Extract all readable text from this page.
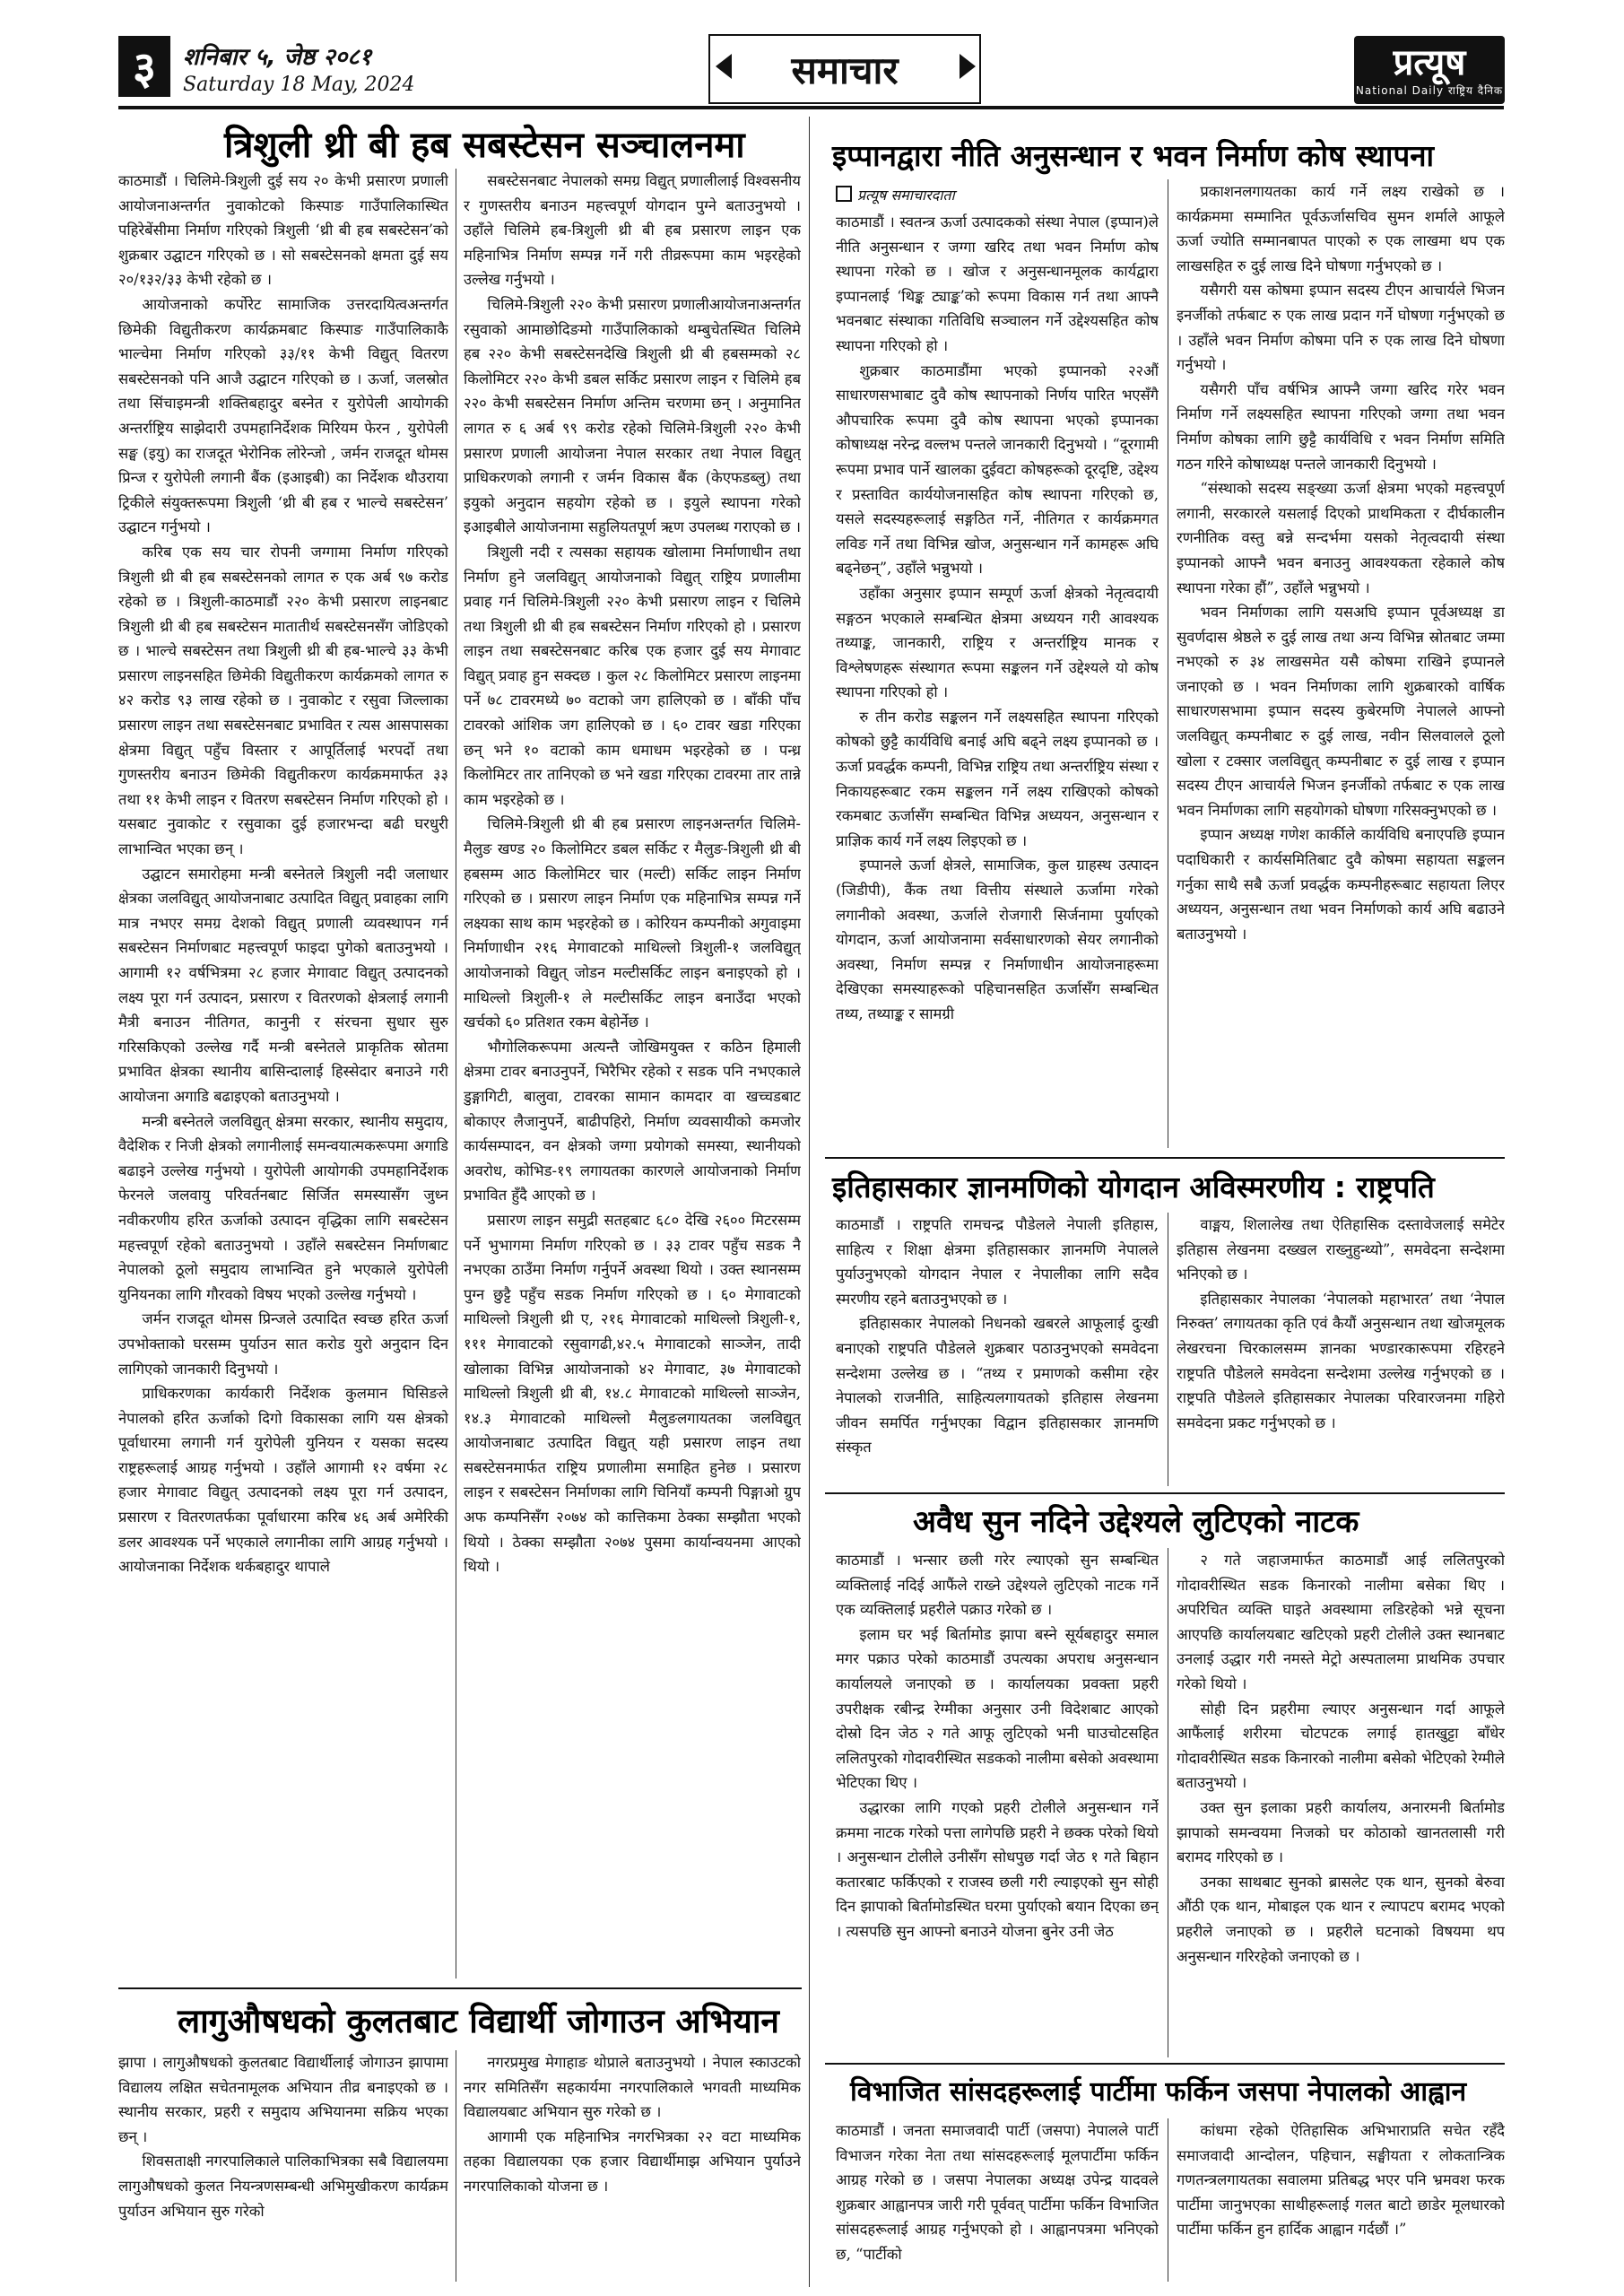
३	शनिबार ५, जेष्ठ २०८१
Saturday 18 May, 2024	समाचार	प्रत्यूष
National Daily राष्ट्रिय दैनिक
त्रिशुली थ्री बी हब सबस्टेसन सञ्चालनमा

काठमाडौं । चिलिमे-त्रिशुली दुई सय २० केभी प्रसारण प्रणाली आयोजनाअन्तर्गत नुवाकोटको किस्पाङ गाउँपालिकास्थित पहिरेबेंसीमा निर्माण गरिएको त्रिशुली ‘थ्री बी हब सबस्टेसन’को शुक्रबार उद्घाटन गरिएको छ । सो सबस्टेसनको क्षमता दुई सय २०/१३२/३३ केभी रहेको छ ।

आयोजनाको कर्पोरेट सामाजिक उत्तरदायित्वअन्तर्गत छिमेकी विद्युतीकरण कार्यक्रमबाट किस्पाङ गाउँपालिकाकै भाल्चेमा निर्माण गरिएको ३३/११ केभी विद्युत् वितरण सबस्टेसनको पनि आजै उद्घाटन गरिएको छ । ऊर्जा, जलस्रोत तथा सिंचाइमन्त्री शक्तिबहादुर बस्नेत र युरोपेली आयोगकी अन्तर्राष्ट्रिय साझेदारी उपमहानिर्देशक मिरियम फेरन , युरोपेली सङ्घ (इयु) का राजदूत भेरोनिक लोरेन्जो , जर्मन राजदूत थोमस प्रिन्ज र युरोपेली लगानी बैंक (इआइबी) का निर्देशक थौउराया ट्रिकीले संयुक्तरूपमा त्रिशुली ‘थ्री बी हब र भाल्चे सबस्टेसन’ उद्घाटन गर्नुभयो ।

करिब एक सय चार रोपनी जग्गामा निर्माण गरिएको त्रिशुली थ्री बी हब सबस्टेसनको लागत रु एक अर्ब ९७ करोड रहेको छ । त्रिशुली-काठमाडौं २२० केभी प्रसारण लाइनबाट त्रिशुली थ्री बी हब सबस्टेसन मातातीर्थ सबस्टेसनसँग जोडिएको छ । भाल्चे सबस्टेसन तथा त्रिशुली थ्री बी हब-भाल्चे ३३ केभी प्रसारण लाइनसहित छिमेकी विद्युतीकरण कार्यक्रमको लागत रु ४२ करोड ९३ लाख रहेको छ । नुवाकोट र रसुवा जिल्लाका प्रसारण लाइन तथा सबस्टेसनबाट प्रभावित र त्यस आसपासका क्षेत्रमा विद्युत् पहुँच विस्तार र आपूर्तिलाई भरपर्दो तथा गुणस्तरीय बनाउन छिमेकी विद्युतीकरण कार्यक्रममार्फत ३३ तथा ११ केभी लाइन र वितरण सबस्टेसन निर्माण गरिएको हो । यसबाट नुवाकोट र रसुवाका दुई हजारभन्दा बढी घरधुरी लाभान्वित भएका छन् ।

उद्घाटन समारोहमा मन्त्री बस्नेतले त्रिशुली नदी जलाधार क्षेत्रका जलविद्युत् आयोजनाबाट उत्पादित विद्युत् प्रवाहका लागि मात्र नभएर समग्र देशको विद्युत् प्रणाली व्यवस्थापन गर्न सबस्टेसन निर्माणबाट महत्त्वपूर्ण फाइदा पुगेको बताउनुभयो । आगामी १२ वर्षभित्रमा २८ हजार मेगावाट विद्युत् उत्पादनको लक्ष्य पूरा गर्न उत्पादन, प्रसारण र वितरणको क्षेत्रलाई लगानी मैत्री बनाउन नीतिगत, कानुनी र संरचना सुधार सुरु गरिसकिएको उल्लेख गर्दै मन्त्री बस्नेतले प्राकृतिक स्रोतमा प्रभावित क्षेत्रका स्थानीय बासिन्दालाई हिस्सेदार बनाउने गरी आयोजना अगाडि बढाइएको बताउनुभयो ।

मन्त्री बस्नेतले जलविद्युत् क्षेत्रमा सरकार, स्थानीय समुदाय, वैदेशिक र निजी क्षेत्रको लगानीलाई समन्वयात्मकरूपमा अगाडि बढाइने उल्लेख गर्नुभयो । युरोपेली आयोगकी उपमहानिर्देशक फेरनले जलवायु परिवर्तनबाट सिर्जित समस्यासँग जुध्न नवीकरणीय हरित ऊर्जाको उत्पादन वृद्धिका लागि सबस्टेसन महत्त्वपूर्ण रहेको बताउनुभयो । उहाँले सबस्टेसन निर्माणबाट नेपालको ठूलो समुदाय लाभान्वित हुने भएकाले युरोपेली युनियनका लागि गौरवको विषय भएको उल्लेख गर्नुभयो ।

जर्मन राजदूत थोमस प्रिन्जले उत्पादित स्वच्छ हरित ऊर्जा उपभोक्ताको घरसम्म पुर्याउन सात करोड युरो अनुदान दिन लागिएको जानकारी दिनुभयो ।

प्राधिकरणका कार्यकारी निर्देशक कुलमान घिसिङले नेपालको हरित ऊर्जाको दिगो विकासका लागि यस क्षेत्रको पूर्वाधारमा लगानी गर्न युरोपेली युनियन र यसका सदस्य राष्ट्रहरूलाई आग्रह गर्नुभयो । उहाँले आगामी १२ वर्षमा २८ हजार मेगावाट विद्युत् उत्पादनको लक्ष्य पूरा गर्न उत्पादन, प्रसारण र वितरणतर्फका पूर्वाधारमा करिब ४६ अर्ब अमेरिकी डलर आवश्यक पर्ने भएकाले लगानीका लागि आग्रह गर्नुभयो । आयोजनाका निर्देशक थर्कबहादुर थापाले

सबस्टेसनबाट नेपालको समग्र विद्युत् प्रणालीलाई विश्वसनीय र गुणस्तरीय बनाउन महत्त्वपूर्ण योगदान पुग्ने बताउनुभयो । उहाँले चिलिमे हब-त्रिशुली थ्री बी हब प्रसारण लाइन एक महिनाभित्र निर्माण सम्पन्न गर्ने गरी तीव्ररूपमा काम भइरहेको उल्लेख गर्नुभयो ।

चिलिमे-त्रिशुली २२० केभी प्रसारण प्रणालीआयोजनाअन्तर्गत रसुवाको आमाछोदिङमो गाउँपालिकाको थम्बुचेतस्थित चिलिमे हब २२० केभी सबस्टेसनदेखि त्रिशुली थ्री बी हबसम्मको २८ किलोमिटर २२० केभी डबल सर्किट प्रसारण लाइन र चिलिमे हब २२० केभी सबस्टेसन निर्माण अन्तिम चरणमा छन् । अनुमानित लागत रु ६ अर्ब ९९ करोड रहेको चिलिमे-त्रिशुली २२० केभी प्रसारण प्रणाली आयोजना नेपाल सरकार तथा नेपाल विद्युत् प्राधिकरणको लगानी र जर्मन विकास बैंक (केएफडब्लु) तथा इयुको अनुदान सहयोग रहेको छ । इयुले स्थापना गरेको इआइबीले आयोजनामा सहुलियतपूर्ण ऋण उपलब्ध गराएको छ ।

त्रिशुली नदी र त्यसका सहायक खोलामा निर्माणाधीन तथा निर्माण हुने जलविद्युत् आयोजनाको विद्युत् राष्ट्रिय प्रणालीमा प्रवाह गर्न चिलिमे-त्रिशुली २२० केभी प्रसारण लाइन र चिलिमे तथा त्रिशुली थ्री बी हब सबस्टेसन निर्माण गरिएको हो । प्रसारण लाइन तथा सबस्टेसनबाट करिब एक हजार दुई सय मेगावाट विद्युत् प्रवाह हुन सक्दछ । कुल २८ किलोमिटर प्रसारण लाइनमा पर्ने ७८ टावरमध्ये ७० वटाको जग हालिएको छ । बाँकी पाँच टावरको आंशिक जग हालिएको छ । ६० टावर खडा गरिएका छन् भने १० वटाको काम धमाधम भइरहेको छ । पन्ध्र किलोमिटर तार तानिएको छ भने खडा गरिएका टावरमा तार तान्ने काम भइरहेको छ ।

चिलिमे-त्रिशुली थ्री बी हब प्रसारण लाइनअन्तर्गत चिलिमे-मैलुङ खण्ड २० किलोमिटर डबल सर्किट र मैलुङ-त्रिशुली थ्री बी हबसम्म आठ किलोमिटर चार (मल्टी) सर्किट लाइन निर्माण गरिएको छ । प्रसारण लाइन निर्माण एक महिनाभित्र सम्पन्न गर्ने लक्ष्यका साथ काम भइरहेको छ । कोरियन कम्पनीको अगुवाइमा निर्माणाधीन २१६ मेगावाटको माथिल्लो त्रिशुली-१ जलविद्युत् आयोजनाको विद्युत् जोडन मल्टीसर्किट लाइन बनाइएको हो । माथिल्लो त्रिशुली-१ ले मल्टीसर्किट लाइन बनाउँदा भएको खर्चको ६० प्रतिशत रकम बेहोर्नेछ ।

भौगोलिकरूपमा अत्यन्तै जोखिमयुक्त र कठिन हिमाली क्षेत्रमा टावर बनाउनुपर्ने, भिरैभिर रहेको र सडक पनि नभएकाले डुङ्गागिटी, बालुवा, टावरका सामान कामदार वा खच्चडबाट बोकाएर लैजानुपर्ने, बाढीपहिरो, निर्माण व्यवसायीको कमजोर कार्यसम्पादन, वन क्षेत्रको जग्गा प्रयोगको समस्या, स्थानीयको अवरोध, कोभिड-१९ लगायतका कारणले आयोजनाको निर्माण प्रभावित हुँदै आएको छ ।

प्रसारण लाइन समुद्री सतहबाट ६८० देखि २६०० मिटरसम्म पर्ने भुभागमा निर्माण गरिएको छ । ३३ टावर पहुँच सडक नै नभएका ठाउँमा निर्माण गर्नुपर्ने अवस्था थियो । उक्त स्थानसम्म पुग्न छुट्टै पहुँच सडक निर्माण गरिएको छ । ६० मेगावाटको माथिल्लो त्रिशुली थ्री ए, २१६ मेगावाटको माथिल्लो त्रिशुली-१, १११ मेगावाटको रसुवागढी,४२.५ मेगावाटको साञ्जेन, तादी खोलाका विभिन्न आयोजनाको ४२ मेगावाट, ३७ मेगावाटको माथिल्लो त्रिशुली थ्री बी, १४.८ मेगावाटको माथिल्लो साञ्जेन, १४.३ मेगावाटको माथिल्लो मैलुङलगायतका जलविद्युत् आयोजनाबाट उत्पादित विद्युत् यही प्रसारण लाइन तथा सबस्टेसनमार्फत राष्ट्रिय प्रणालीमा समाहित हुनेछ । प्रसारण लाइन र सबस्टेसन निर्माणका लागि चिनियाँ कम्पनी पिङ्गाओ ग्रुप अफ कम्पनिसँग २०७४ को कात्तिकमा ठेक्का सम्झौता भएको थियो । ठेक्का सम्झौता २०७४ पुसमा कार्यान्वयनमा आएको थियो ।

इप्पानद्वारा नीति अनुसन्धान र भवन निर्माण कोष स्थापना
प्रत्यूष समाचारदाता

काठमाडौं । स्वतन्त्र ऊर्जा उत्पादकको संस्था नेपाल (इप्पान)ले नीति अनुसन्धान र जग्गा खरिद तथा भवन निर्माण कोष स्थापना गरेको छ । खोज र अनुसन्धानमूलक कार्यद्वारा इप्पानलाई ‘थिङ्क ट्याङ्क’को रूपमा विकास गर्न तथा आफ्नै भवनबाट संस्थाका गतिविधि सञ्चालन गर्ने उद्देश्यसहित कोष स्थापना गरिएको हो ।

शुक्रबार काठमाडौंमा भएको इप्पानको २२औं साधारणसभाबाट दुवै कोष स्थापनाको निर्णय पारित भएसँगै औपचारिक रूपमा दुवै कोष स्थापना भएको इप्पानका कोषाध्यक्ष नरेन्द्र वल्लभ पन्तले जानकारी दिनुभयो । “दूरगामी रूपमा प्रभाव पार्ने खालका दुईवटा कोषहरूको दूरदृष्टि, उद्देश्य र प्रस्तावित कार्ययोजनासहित कोष स्थापना गरिएको छ, यसले सदस्यहरूलाई सङ्गठित गर्ने, नीतिगत र कार्यक्रमगत लविङ गर्ने तथा विभिन्न खोज, अनुसन्धान गर्ने कामहरू अघि बढ्नेछन्”, उहाँले भन्नुभयो ।

उहाँका अनुसार इप्पान सम्पूर्ण ऊर्जा क्षेत्रको नेतृत्वदायी सङ्गठन भएकाले सम्बन्धित क्षेत्रमा अध्ययन गरी आवश्यक तथ्याङ्क, जानकारी, राष्ट्रिय र अन्तर्राष्ट्रिय मानक र विश्लेषणहरू संस्थागत रूपमा सङ्कलन गर्ने उद्देश्यले यो कोष स्थापना गरिएको हो ।

रु तीन करोड सङ्कलन गर्ने लक्ष्यसहित स्थापना गरिएको कोषको छुट्टै कार्यविधि बनाई अघि बढ्ने लक्ष्य इप्पानको छ । ऊर्जा प्रवर्द्धक कम्पनी, विभिन्न राष्ट्रिय तथा अन्तर्राष्ट्रिय संस्था र निकायहरूबाट रकम सङ्कलन गर्ने लक्ष्य राखिएको कोषको रकमबाट ऊर्जासँग सम्बन्धित विभिन्न अध्ययन, अनुसन्धान र प्राज्ञिक कार्य गर्ने लक्ष्य लिइएको छ ।

इप्पानले ऊर्जा क्षेत्रले, सामाजिक, कुल ग्राहस्थ उत्पादन (जिडीपी), कैंक तथा वित्तीय संस्थाले ऊर्जामा गरेको लगानीको अवस्था, ऊर्जाले रोजगारी सिर्जनामा पुर्याएको योगदान, ऊर्जा आयोजनामा सर्वसाधारणको सेयर लगानीको अवस्था, निर्माण सम्पन्न र निर्माणाधीन आयोजनाहरूमा देखिएका समस्याहरूको पहिचानसहित ऊर्जासँग सम्बन्धित तथ्य, तथ्याङ्क र सामग्री

प्रकाशनलगायतका कार्य गर्ने लक्ष्य राखेको छ । कार्यक्रममा सम्मानित पूर्वऊर्जासचिव सुमन शर्माले आफूले ऊर्जा ज्योति सम्मानबापत पाएको रु एक लाखमा थप एक लाखसहित रु दुई लाख दिने घोषणा गर्नुभएको छ ।

यसैगरी यस कोषमा इप्पान सदस्य टीएन आचार्यले भिजन इनर्जीको तर्फबाट रु एक लाख प्रदान गर्ने घोषणा गर्नुभएको छ । उहाँले भवन निर्माण कोषमा पनि रु एक लाख दिने घोषणा गर्नुभयो ।

यसैगरी पाँच वर्षभित्र आफ्नै जग्गा खरिद गरेर भवन निर्माण गर्ने लक्ष्यसहित स्थापना गरिएको जग्गा तथा भवन निर्माण कोषका लागि छुट्टै कार्यविधि र भवन निर्माण समिति गठन गरिने कोषाध्यक्ष पन्तले जानकारी दिनुभयो ।

“संस्थाको सदस्य सङ्ख्या ऊर्जा क्षेत्रमा भएको महत्त्वपूर्ण लगानी, सरकारले यसलाई दिएको प्राथमिकता र दीर्घकालीन रणनीतिक वस्तु बन्ने सन्दर्भमा यसको नेतृत्वदायी संस्था इप्पानको आफ्नै भवन बनाउनु आवश्यकता रहेकाले कोष स्थापना गरेका हौं”, उहाँले भन्नुभयो ।

भवन निर्माणका लागि यसअघि इप्पान पूर्वअध्यक्ष डा सुवर्णदास श्रेष्ठले रु दुई लाख तथा अन्य विभिन्न स्रोतबाट जम्मा नभएको रु ३४ लाखसमेत यसै कोषमा राखिने इप्पानले जनाएको छ । भवन निर्माणका लागि शुक्रबारको वार्षिक साधारणसभामा इप्पान सदस्य कुबेरमणि नेपालले आफ्नो जलविद्युत् कम्पनीबाट रु दुई लाख, नवीन सिलवालले ठूलो खोला र टक्सार जलविद्युत् कम्पनीबाट रु दुई लाख र इप्पान सदस्य टीएन आचार्यले भिजन इनर्जीको तर्फबाट रु एक लाख भवन निर्माणका लागि सहयोगको घोषणा गरिसक्नुभएको छ ।

इप्पान अध्यक्ष गणेश कार्कीले कार्यविधि बनाएपछि इप्पान पदाधिकारी र कार्यसमितिबाट दुवै कोषमा सहायता सङ्कलन गर्नुका साथै सबै ऊर्जा प्रवर्द्धक कम्पनीहरूबाट सहायता लिएर अध्ययन, अनुसन्धान तथा भवन निर्माणको कार्य अघि बढाउने बताउनुभयो ।

इतिहासकार ज्ञानमणिको योगदान अविस्मरणीय : राष्ट्रपति

काठमाडौं । राष्ट्रपति रामचन्द्र पौडेलले नेपाली इतिहास, साहित्य र शिक्षा क्षेत्रमा इतिहासकार ज्ञानमणि नेपालले पुर्याउनुभएको योगदान नेपाल र नेपालीका लागि सदैव स्मरणीय रहने बताउनुभएको छ ।

इतिहासकार नेपालको निधनको खबरले आफूलाई दुःखी बनाएको राष्ट्रपति पौडेलले शुक्रबार पठाउनुभएको समवेदना सन्देशमा उल्लेख छ । “तथ्य र प्रमाणको कसीमा रहेर नेपालको राजनीति, साहित्यलगायतको इतिहास लेखनमा जीवन समर्पित गर्नुभएका विद्वान इतिहासकार ज्ञानमणि संस्कृत

वाङ्मय, शिलालेख तथा ऐतिहासिक दस्तावेजलाई समेटेर इतिहास लेखनमा दख्खल राख्नुहुन्थ्यो”, समवेदना सन्देशमा भनिएको छ ।

इतिहासकार नेपालका ‘नेपालको महाभारत’ तथा ‘नेपाल निरुक्त’ लगायतका कृति एवं कैयौं अनुसन्धान तथा खोजमूलक लेखरचना चिरकालसम्म ज्ञानका भण्डारकारूपमा रहिरहने राष्ट्रपति पौडेलले समवेदना सन्देशमा उल्लेख गर्नुभएको छ । राष्ट्रपति पौडेलले इतिहासकार नेपालका परिवारजनमा गहिरो समवेदना प्रकट गर्नुभएको छ ।

अवैध सुन नदिने उद्देश्यले लुटिएको नाटक

काठमाडौं । भन्सार छली गरेर ल्याएको सुन सम्बन्धित व्यक्तिलाई नदिई आफैंले राख्ने उद्देश्यले लुटिएको नाटक गर्ने एक व्यक्तिलाई प्रहरीले पक्राउ गरेको छ ।

इलाम घर भई बिर्तामोड झापा बस्ने सूर्यबहादुर समाल मगर पक्राउ परेको काठमाडौं उपत्यका अपराध अनुसन्धान कार्यालयले जनाएको छ । कार्यालयका प्रवक्ता प्रहरी उपरीक्षक रबीन्द्र रेग्मीका अनुसार उनी विदेशबाट आएको दोस्रो दिन जेठ २ गते आफू लुटिएको भनी घाउचोटसहित ललितपुरको गोदावरीस्थित सडकको नालीमा बसेको अवस्थामा भेटिएका थिए ।

उद्धारका लागि गएको प्रहरी टोलीले अनुसन्धान गर्ने क्रममा नाटक गरेको पत्ता लागेपछि प्रहरी ने छक्क परेको थियो । अनुसन्धान टोलीले उनीसँग सोधपुछ गर्दा जेठ १ गते बिहान कतारबाट फर्किएको र राजस्व छली गरी ल्याइएको सुन सोही दिन झापाको बिर्तामोडस्थित घरमा पुर्याएको बयान दिएका छन् । त्यसपछि सुन आफ्नो बनाउने योजना बुनेर उनी जेठ

२ गते जहाजमार्फत काठमाडौं आई ललितपुरको गोदावरीस्थित सडक किनारको नालीमा बसेका थिए । अपरिचित व्यक्ति घाइते अवस्थामा लडिरहेको भन्ने सूचना आएपछि कार्यालयबाट खटिएको प्रहरी टोलीले उक्त स्थानबाट उनलाई उद्धार गरी नमस्ते मेट्रो अस्पतालमा प्राथमिक उपचार गरेको थियो ।

सोही दिन प्रहरीमा ल्याएर अनुसन्धान गर्दा आफूले आफैंलाई शरीरमा चोटपटक लगाई हातखुट्टा बाँधेर गोदावरीस्थित सडक किनारको नालीमा बसेको भेटिएको रेग्मीले बताउनुभयो ।

उक्त सुन इलाका प्रहरी कार्यालय, अनारमनी बिर्तामोड झापाको समन्वयमा निजको घर कोठाको खानतलासी गरी बरामद गरिएको छ ।

उनका साथबाट सुनको ब्रासलेट एक थान, सुनको बेरुवा औंठी एक थान, मोबाइल एक थान र ल्यापटप बरामद भएको प्रहरीले जनाएको छ । प्रहरीले घटनाको विषयमा थप अनुसन्धान गरिरहेको जनाएको छ ।

लागुऔषधको कुलतबाट विद्यार्थी जोगाउन अभियान

झापा । लागुऔषधको कुलतबाट विद्यार्थीलाई जोगाउन झापामा विद्यालय लक्षित सचेतनामूलक अभियान तीव्र बनाइएको छ । स्थानीय सरकार, प्रहरी र समुदाय अभियानमा सक्रिय भएका छन् ।

शिवसताक्षी नगरपालिकाले पालिकाभित्रका सबै विद्यालयमा लागुऔषधको कुलत नियन्त्रणसम्बन्धी अभिमुखीकरण कार्यक्रम पुर्याउन अभियान सुरु गरेको

नगरप्रमुख मेगाहाङ थोप्राले बताउनुभयो । नेपाल स्काउटको नगर समितिसँग सहकार्यमा नगरपालिकाले भगवती माध्यमिक विद्यालयबाट अभियान सुरु गरेको छ ।

आगामी एक महिनाभित्र नगरभित्रका २२ वटा माध्यमिक तहका विद्यालयका एक हजार विद्यार्थीमाझ अभियान पुर्याउने नगरपालिकाको योजना छ ।

विभाजित सांसदहरूलाई पार्टीमा फर्किन जसपा नेपालको आह्वान

काठमाडौं । जनता समाजवादी पार्टी (जसपा) नेपालले पार्टी विभाजन गरेका नेता तथा सांसदहरूलाई मूलपार्टीमा फर्किन आग्रह गरेको छ । जसपा नेपालका अध्यक्ष उपेन्द्र यादवले शुक्रबार आह्वानपत्र जारी गरी पूर्ववत् पार्टीमा फर्किन विभाजित सांसदहरूलाई आग्रह गर्नुभएको हो । आह्वानपत्रमा भनिएको छ, “पार्टीको

कांधमा रहेको ऐतिहासिक अभिभाराप्रति सचेत रहँदै समाजवादी आन्दोलन, पहिचान, सङ्घीयता र लोकतान्त्रिक गणतन्त्रलगायतका सवालमा प्रतिबद्ध भएर पनि भ्रमवश फरक पार्टीमा जानुभएका साथीहरूलाई गलत बाटो छाडेर मूलधारको पार्टीमा फर्किन हुन हार्दिक आह्वान गर्दछौं ।”
